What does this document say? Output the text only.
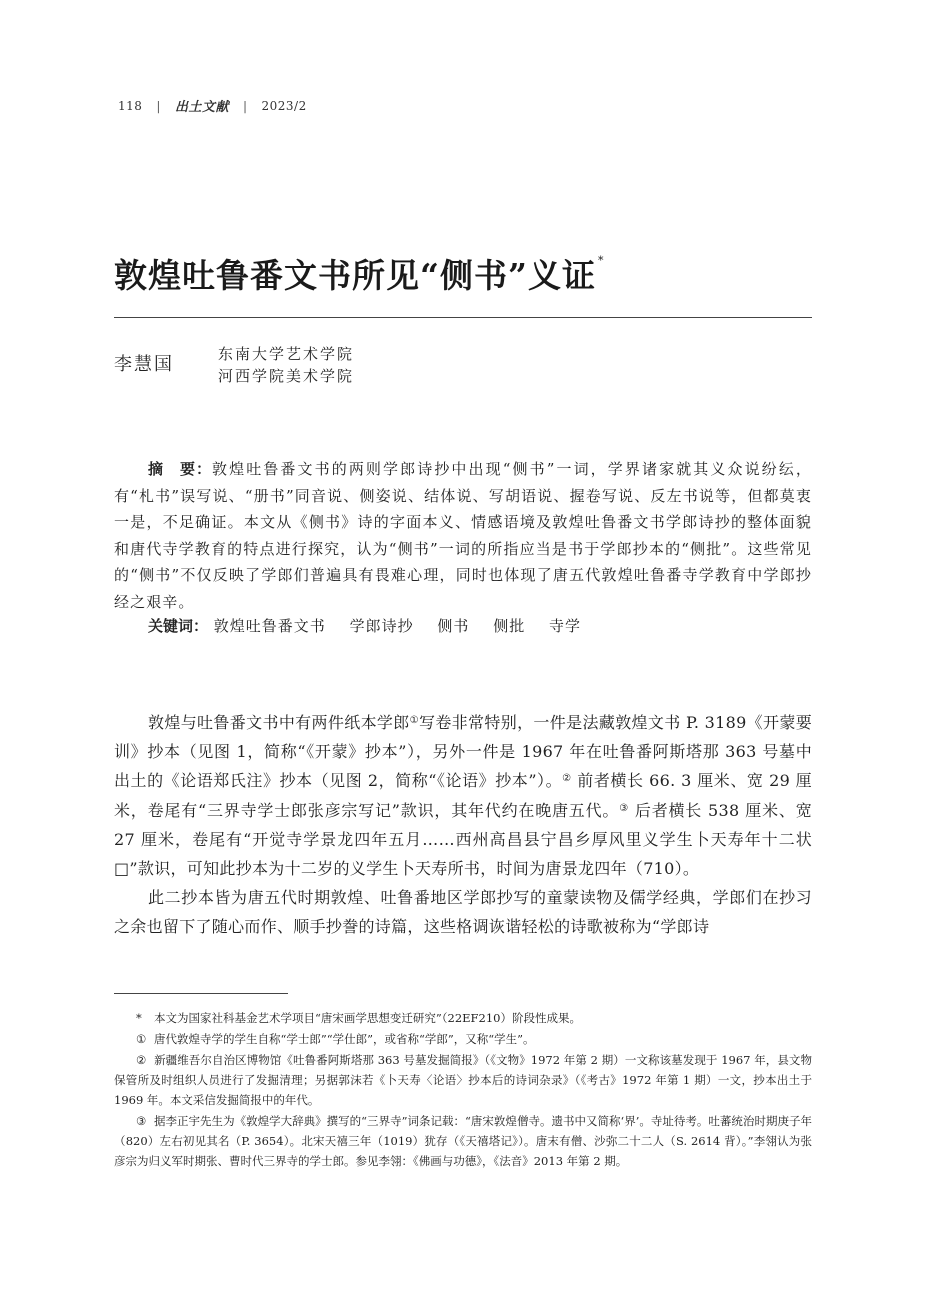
118 | 出土文献 | 2023/2
敦煌吐鲁番文书所见“侧书”义证 *
李慧国	东南大学艺术学院
河西学院美术学院
摘　要：敦煌吐鲁番文书的两则学郎诗抄中出现“侧书”一词，学界诸家就其义众说纷纭，有“札书”误写说、“册书”同音说、侧姿说、结体说、写胡语说、握卷写说、反左书说等，但都莫衷一是，不足确证。本文从《侧书》诗的字面本义、情感语境及敦煌吐鲁番文书学郎诗抄的整体面貌和唐代寺学教育的特点进行探究，认为“侧书”一词的所指应当是书于学郎抄本的“侧批”。这些常见的“侧书”不仅反映了学郎们普遍具有畏难心理，同时也体现了唐五代敦煌吐鲁番寺学教育中学郎抄经之艰辛。
关键词： 敦煌吐鲁番文书 学郎诗抄 侧书 侧批 寺学

敦煌与吐鲁番文书中有两件纸本学郎①写卷非常特别，一件是法藏敦煌文书 P. 3189《开蒙要训》抄本（见图 1，简称“《开蒙》抄本”），另外一件是 1967 年在吐鲁番阿斯塔那 363 号墓中出土的《论语郑氏注》抄本（见图 2，简称“《论语》抄本”）。② 前者横长 66. 3 厘米、宽 29 厘米，卷尾有“三界寺学士郎张彦宗写记”款识，其年代约在晚唐五代。③ 后者横长 538 厘米、宽 27 厘米，卷尾有“开觉寺学景龙四年五月……西州高昌县宁昌乡厚风里义学生卜天寿年十二状□”款识，可知此抄本为十二岁的义学生卜天寿所书，时间为唐景龙四年（710）。

此二抄本皆为唐五代时期敦煌、吐鲁番地区学郎抄写的童蒙读物及儒学经典，学郎们在抄习之余也留下了随心而作、顺手抄誊的诗篇，这些格调诙谐轻松的诗歌被称为“学郎诗

* 本文为国家社科基金艺术学项目“唐宋画学思想变迁研究”（22EF210）阶段性成果。

① 唐代敦煌寺学的学生自称“学士郎”“学仕郎”，或省称“学郎”，又称“学生”。

② 新疆维吾尔自治区博物馆《吐鲁番阿斯塔那 363 号墓发掘简报》（《文物》1972 年第 2 期）一文称该墓发现于 1967 年，县文物保管所及时组织人员进行了发掘清理；另据郭沫若《卜天寿〈论语〉抄本后的诗词杂录》（《考古》1972 年第 1 期）一文，抄本出土于 1969 年。本文采信发掘简报中的年代。

③ 据李正宇先生为《敦煌学大辞典》撰写的“三界寺”词条记载：“唐宋敦煌僧寺。遗书中又简称‘界’。寺址待考。吐蕃统治时期庚子年（820）左右初见其名（P. 3654）。北宋天禧三年（1019）犹存（《天禧塔记》）。唐末有僧、沙弥二十二人（S. 2614 背）。”李翎认为张彦宗为归义军时期张、曹时代三界寺的学士郎。参见李翎：《佛画与功德》，《法音》2013 年第 2 期。
